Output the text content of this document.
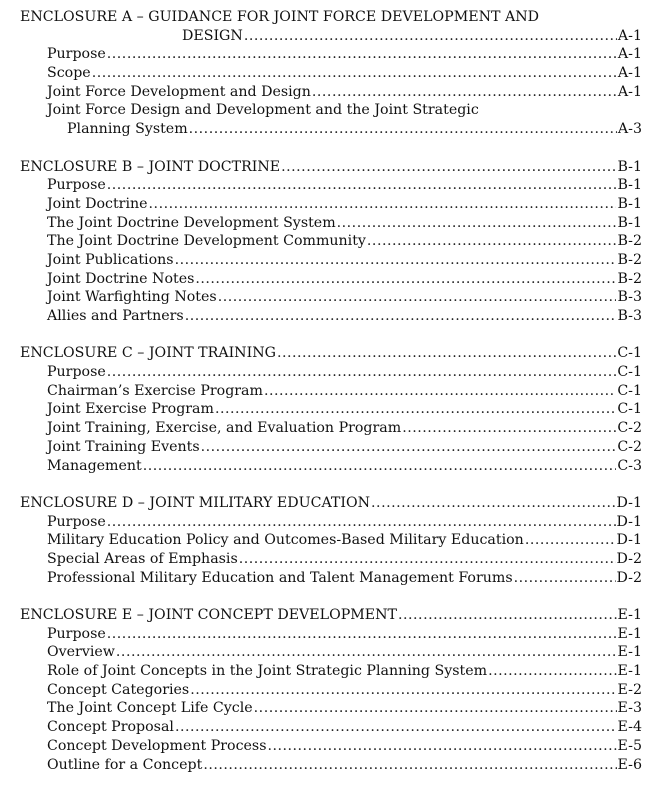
ENCLOSURE A – GUIDANCE FOR JOINT FORCE DEVELOPMENT AND
DESIGN .....	A-1
Purpose .....	A-1
Scope .....	A-1
Joint Force Development and Design .....	A-1
Joint Force Design and Development and the Joint Strategic
Planning System .....	A-3
ENCLOSURE B – JOINT DOCTRINE .....	B-1
Purpose .....	B-1
Joint Doctrine .....	B-1
The Joint Doctrine Development System .....	B-1
The Joint Doctrine Development Community .....	B-2
Joint Publications .....	B-2
Joint Doctrine Notes .....	B-2
Joint Warfighting Notes .....	B-3
Allies and Partners .....	B-3
ENCLOSURE C – JOINT TRAINING .....	C-1
Purpose .....	C-1
Chairman’s Exercise Program .....	C-1
Joint Exercise Program .....	C-1
Joint Training, Exercise, and Evaluation Program .....	C-2
Joint Training Events .....	C-2
Management .....	C-3
ENCLOSURE D – JOINT MILITARY EDUCATION .....	D-1
Purpose .....	D-1
Military Education Policy and Outcomes-Based Military Education .....	D-1
Special Areas of Emphasis .....	D-2
Professional Military Education and Talent Management Forums .....	D-2
ENCLOSURE E – JOINT CONCEPT DEVELOPMENT .....	E-1
Purpose .....	E-1
Overview .....	E-1
Role of Joint Concepts in the Joint Strategic Planning System .....	E-1
Concept Categories .....	E-2
The Joint Concept Life Cycle .....	E-3
Concept Proposal .....	E-4
Concept Development Process .....	E-5
Outline for a Concept .....	E-6
